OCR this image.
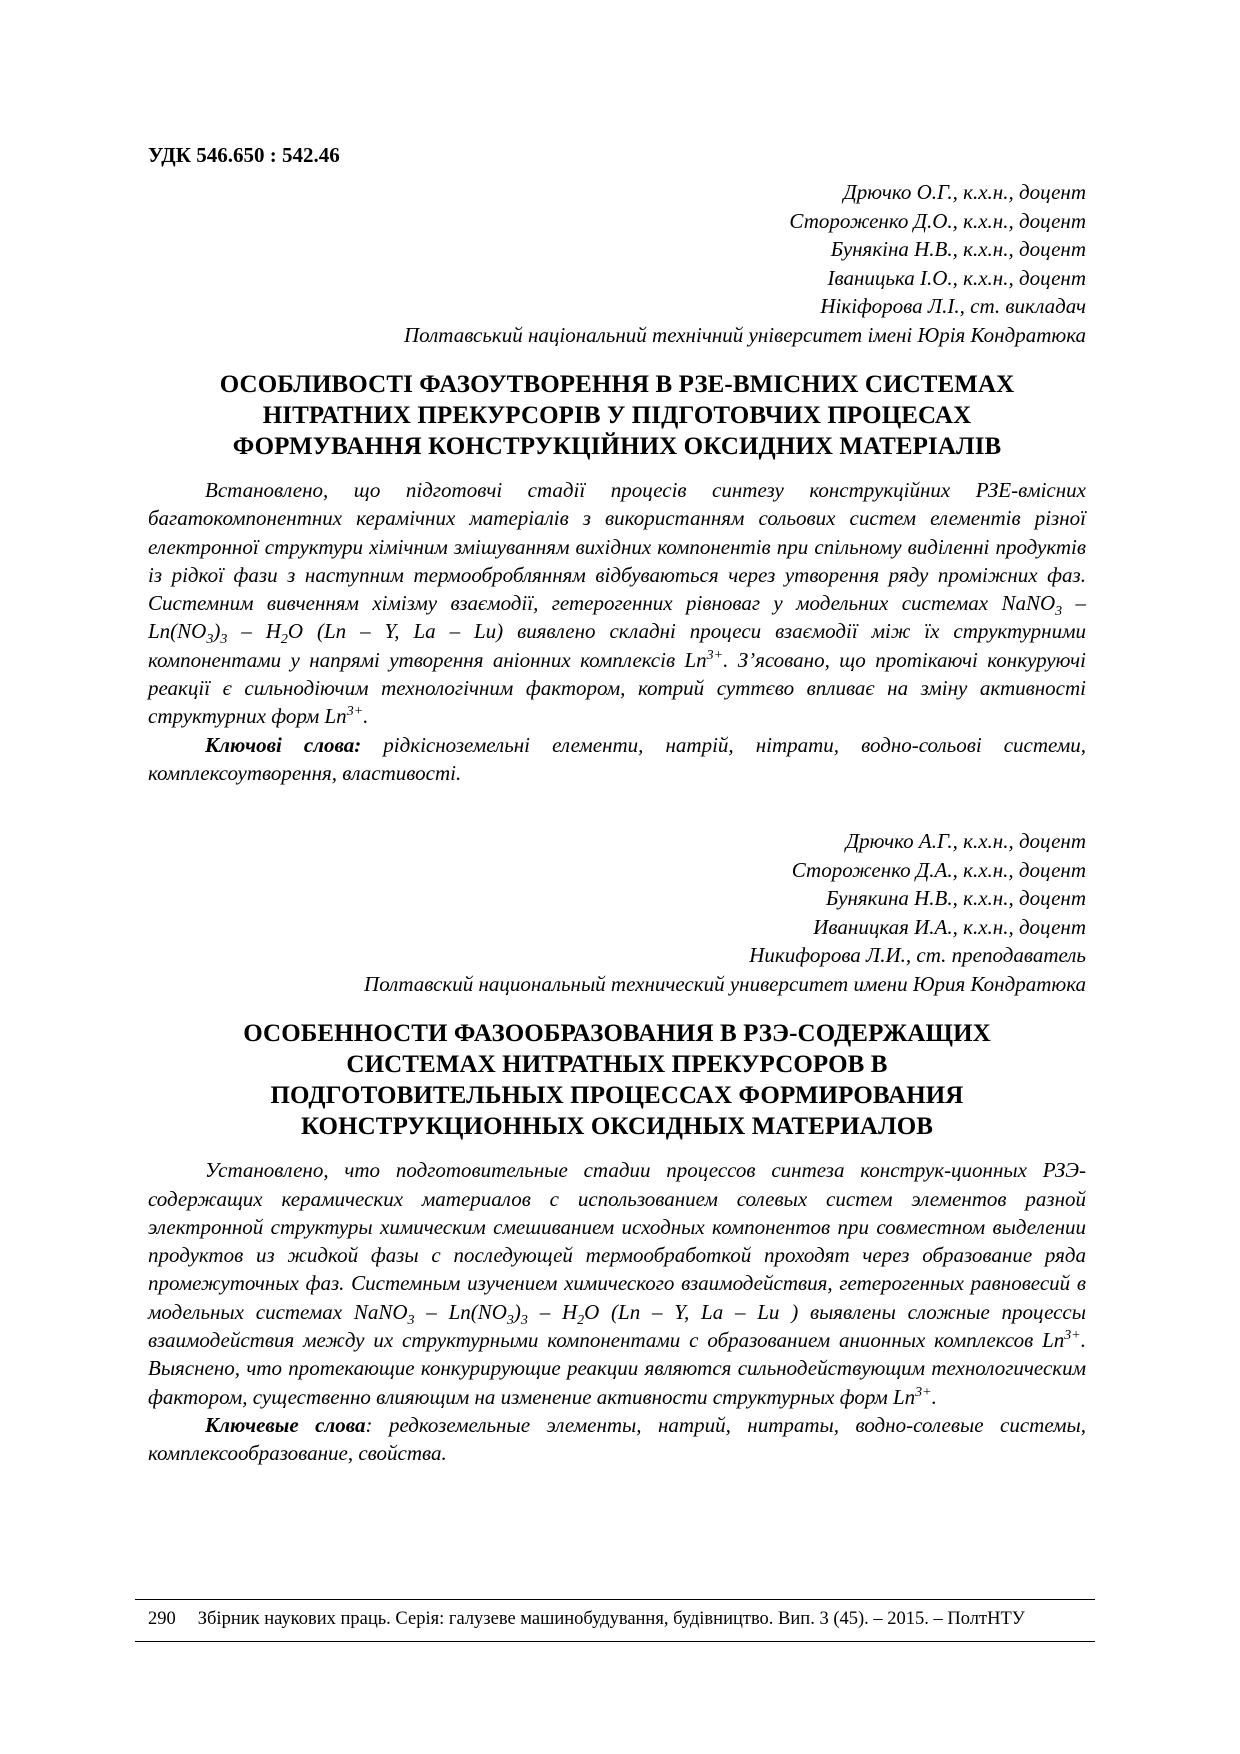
УДК 546.650 : 542.46
Дрючко О.Г., к.х.н., доцент
Стороженко Д.О., к.х.н., доцент
Бунякіна Н.В., к.х.н., доцент
Іваницька І.О., к.х.н., доцент
Нікіфорова Л.І., ст. викладач
Полтавський національний технічний університет імені Юрія Кондратюка
ОСОБЛИВОСТІ ФАЗОУТВОРЕННЯ В РЗЕ-ВМІСНИХ СИСТЕМАХ
НІТРАТНИХ ПРЕКУРСОРІВ У ПІДГОТОВЧИХ ПРОЦЕСАХ
ФОРМУВАННЯ КОНСТРУКЦІЙНИХ ОКСИДНИХ МАТЕРІАЛІВ

Встановлено, що підготовчі стадії процесів синтезу конструкційних РЗЕ-вмісних багатокомпонентних керамічних матеріалів з використанням сольових систем елементів різної електронної структури хімічним змішуванням вихідних компонентів при спільному виділенні продуктів із рідкої фази з наступним термооброблянням відбуваються через утворення ряду проміжних фаз. Системним вивченням хімізму взаємодії, гетерогенних рівноваг у модельних системах NaNO$_3$ – $Ln(NO_3)_3 - H_2O$ (Ln – Y, La – Lu) виявлено складні процеси взаємодії між їх структурними компонентами у напрямі утворення аніонних комплексів $Ln^{3+}$. З’ясовано, що протікаючі конкуруючі реакції є сильнодіючим технологічним фактором, котрий суттєво впливає на зміну активності структурних форм $Ln^{3+}$.

Ключові слова: рідкісноземельні елементи, натрій, нітрати, водно-сольові системи, комплексоутворення, властивості.

Дрючко А.Г., к.х.н., доцент
Стороженко Д.А., к.х.н., доцент
Бунякина Н.В., к.х.н., доцент
Иваницкая И.А., к.х.н., доцент
Никифорова Л.И., ст. преподаватель
Полтавский национальный технический университет имени Юрия Кондратюка
ОСОБЕННОСТИ ФАЗООБРАЗОВАНИЯ В РЗЭ-СОДЕРЖАЩИХ
СИСТЕМАХ НИТРАТНЫХ ПРЕКУРСОРОВ В
ПОДГОТОВИТЕЛЬНЫХ ПРОЦЕССАХ ФОРМИРОВАНИЯ
КОНСТРУКЦИОННЫХ ОКСИДНЫХ МАТЕРИАЛОВ

Установлено, что подготовительные стадии процессов синтеза конструк-ционных РЗЭ-содержащих керамических материалов с использованием солевых систем элементов разной электронной структуры химическим смешиванием исходных компонентов при совместном выделении продуктов из жидкой фазы с последующей термообработкой проходят через образование ряда промежуточных фаз. Системным изучением химического взаимодействия, гетерогенных равновесий в модельных системах NaNO$_3$ – $Ln(NO_3)_3 - H_2O$ (Ln – Y, La – Lu ) выявлены сложные процессы взаимодействия между их структурными компонентами с образованием анионных комплексов $Ln^{3+}$. Выяснено, что протекающие конкурирующие реакции являются сильнодействующим технологическим фактором, существенно влияющим на изменение активности структурных форм $Ln^{3+}$.

Ключевые слова: редкоземельные элементы, натрий, нитраты, водно-солевые системы, комплексообразование, свойства.

290 Збірник наукових праць. Серія: галузеве машинобудування, будівництво. Вип. 3 (45). – 2015. – ПолтНТУ
